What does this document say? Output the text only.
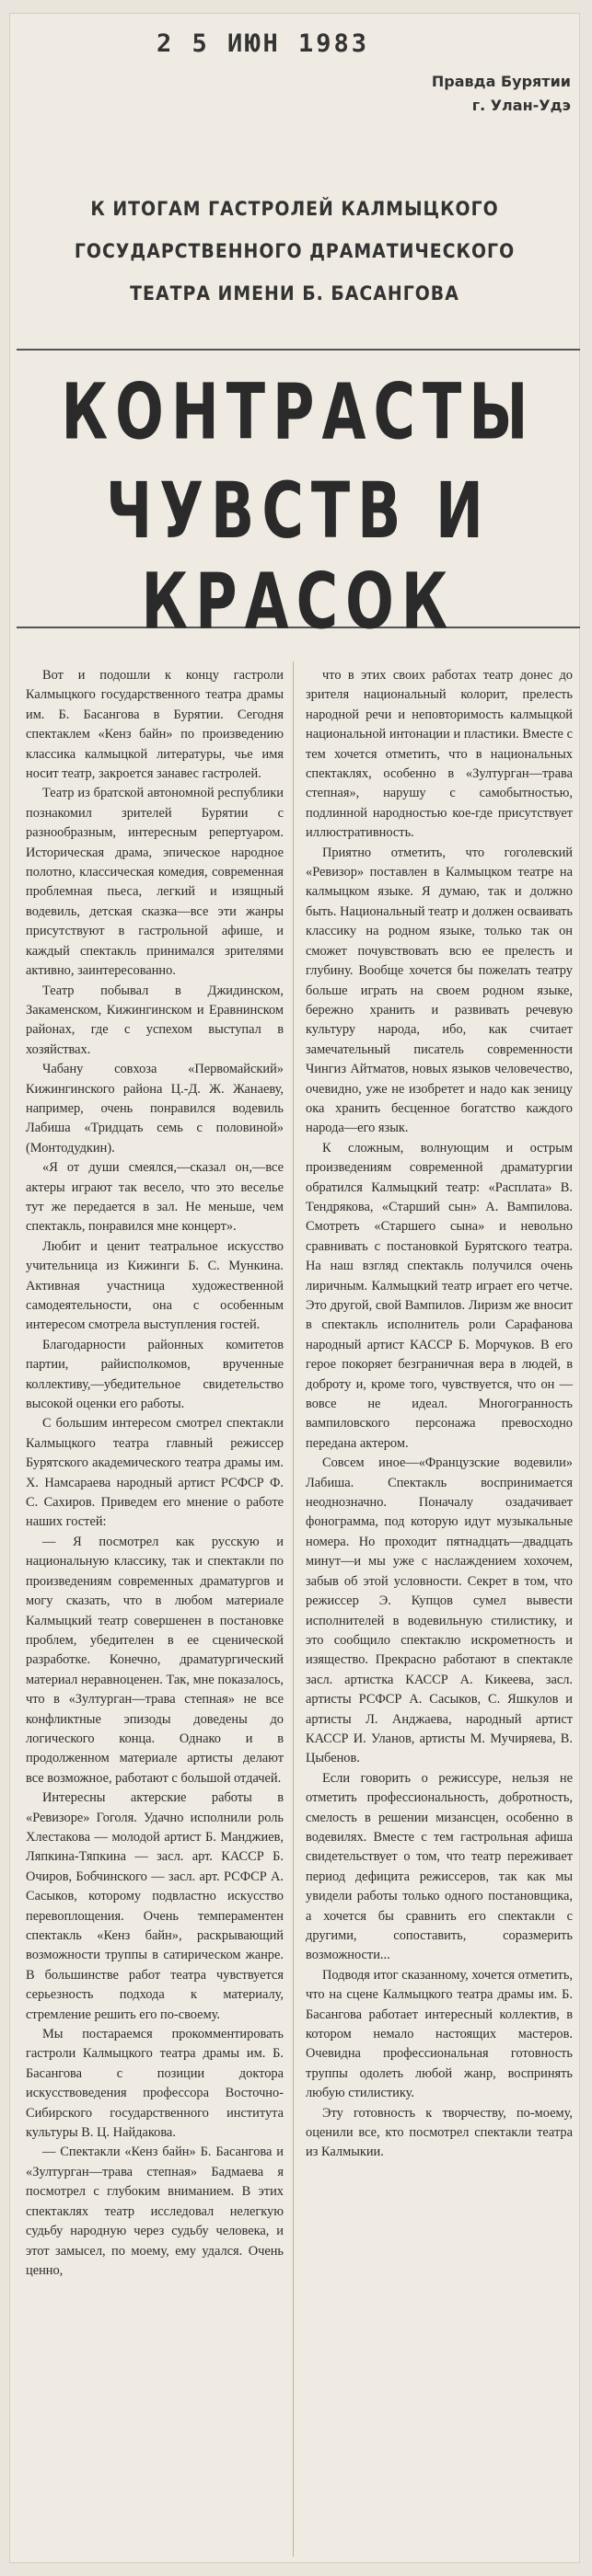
2 5 ИЮН 1983
Правда Бурятии
г. Улан-Удэ
К ИТОГАМ ГАСТРОЛЕЙ КАЛМЫЦКОГО
ГОСУДАРСТВЕННОГО ДРАМАТИЧЕСКОГО
ТЕАТРА ИМЕНИ Б. БАСАНГОВА
КОНТРАСТЫ
ЧУВСТВ И КРАСОК

Вот и подошли к концу гастроли Калмыцкого государственного театра драмы им. Б. Басангова в Бурятии. Сегодня спектаклем «Кенз байн» по произведению классика калмыцкой литературы, чье имя носит театр, закроется занавес гастролей.

Театр из братской автономной республики познакомил зрителей Бурятии с разнообразным, интересным репертуаром. Историческая драма, эпическое народное полотно, классическая комедия, современная проблемная пьеса, легкий и изящный водевиль, детская сказка—все эти жанры присутствуют в гастрольной афише, и каждый спектакль принимался зрителями активно, заинтересованно.

Театр побывал в Джидинском, Закаменском, Кижингинском и Еравнинском районах, где с успехом выступал в хозяйствах.

Чабану совхоза «Первомайский» Кижингинского района Ц.-Д. Ж. Жанаеву, например, очень понравился водевиль Лабиша «Тридцать семь с половиной» (Монтодудкин).

«Я от души смеялся,—сказал он,—все актеры играют так весело, что это веселье тут же передается в зал. Не меньше, чем спектакль, понравился мне концерт».

Любит и ценит театральное искусство учительница из Кижинги Б. С. Мункина. Активная участница художественной самодеятельности, она с особенным интересом смотрела выступления гостей.

Благодарности районных комитетов партии, райисполкомов, врученные коллективу,—убедительное свидетельство высокой оценки его работы.

С большим интересом смотрел спектакли Калмыцкого театра главный режиссер Бурятского академического театра драмы им. Х. Намсараева народный артист РСФСР Ф. С. Сахиров. Приведем его мнение о работе наших гостей:

— Я посмотрел как русскую и национальную классику, так и спектакли по произведениям современных драматургов и могу сказать, что в любом материале Калмыцкий театр совершенен в постановке проблем, убедителен в ее сценической разработке. Конечно, драматургический материал неравноценен. Так, мне показалось, что в «Зултурган—трава степная» не все конфликтные эпизоды доведены до логического конца. Однако и в продолженном материале артисты делают все возможное, работают с большой отдачей.

Интересны актерские работы в «Ревизоре» Гоголя. Удачно исполнили роль Хлестакова — молодой артист Б. Манджиев, Ляпкина-Тяпкина — засл. арт. КАССР Б. Очиров, Бобчинского — засл. арт. РСФСР А. Сасыков, которому подвластно искусство перевоплощения. Очень темпераментен спектакль «Кенз байн», раскрывающий возможности труппы в сатирическом жанре. В большинстве работ театра чувствуется серьезность подхода к материалу, стремление решить его по-своему.

Мы постараемся прокомментировать гастроли Калмыцкого театра драмы им. Б. Басангова с позиции доктора искусствоведения профессора Восточно-Сибирского государственного института культуры В. Ц. Найдакова.

— Спектакли «Кенз байн» Б. Басангова и «Зултурган—трава степная» Бадмаева я посмотрел с глубоким вниманием. В этих спектаклях театр исследовал нелегкую судьбу народную через судьбу человека, и этот замысел, по моему, ему удался. Очень ценно,

что в этих своих работах театр донес до зрителя национальный колорит, прелесть народной речи и неповторимость калмыцкой национальной интонации и пластики. Вместе с тем хочется отметить, что в национальных спектаклях, особенно в «Зултурган—трава степная», нарушу с самобытностью, подлинной народностью кое-где присутствует иллюстративность.

Приятно отметить, что гоголевский «Ревизор» поставлен в Калмыцком театре на калмыцком языке. Я думаю, так и должно быть. Национальный театр и должен осваивать классику на родном языке, только так он сможет почувствовать всю ее прелесть и глубину. Вообще хочется бы пожелать театру больше играть на своем родном языке, бережно хранить и развивать речевую культуру народа, ибо, как считает замечательный писатель современности Чингиз Айтматов, новых языков человечество, очевидно, уже не изобретет и надо как зеницу ока хранить бесценное богатство каждого народа—его язык.

К сложным, волнующим и острым произведениям современной драматургии обратился Калмыцкий театр: «Расплата» В. Тендрякова, «Старший сын» А. Вампилова. Смотреть «Старшего сына» и невольно сравнивать с постановкой Бурятского театра. На наш взгляд спектакль получился очень лиричным. Калмыцкий театр играет его четче. Это другой, свой Вампилов. Лиризм же вносит в спектакль исполнитель роли Сарафанова народный артист КАССР Б. Морчуков. В его герое покоряет безграничная вера в людей, в доброту и, кроме того, чувствуется, что он — вовсе не идеал. Многогранность вампиловского персонажа превосходно передана актером.

Совсем иное—«Французские водевили» Лабиша. Спектакль воспринимается неоднозначно. Поначалу озадачивает фонограмма, под которую идут музыкальные номера. Но проходит пятнадцать—двадцать минут—и мы уже с наслаждением хохочем, забыв об этой условности. Секрет в том, что режиссер Э. Купцов сумел вывести исполнителей в водевильную стилистику, и это сообщило спектаклю искрометность и изящество. Прекрасно работают в спектакле засл. артистка КАССР А. Кикеева, засл. артисты РСФСР А. Сасыков, С. Яшкулов и артисты Л. Анджаева, народный артист КАССР И. Уланов, артисты М. Мучиряева, В. Цыбенов.

Если говорить о режиссуре, нельзя не отметить профессиональность, добротность, смелость в решении мизансцен, особенно в водевилях. Вместе с тем гастрольная афиша свидетельствует о том, что театр переживает период дефицита режиссеров, так как мы увидели работы только одного постановщика, а хочется бы сравнить его спектакли с другими, сопоставить, соразмерить возможности...

Подводя итог сказанному, хочется отметить, что на сцене Калмыцкого театра драмы им. Б. Басангова работает интересный коллектив, в котором немало настоящих мастеров. Очевидна профессиональная готовность труппы одолеть любой жанр, воспринять любую стилистику.

Эту готовность к творчеству, по-моему, оценили все, кто посмотрел спектакли театра из Калмыкии.
